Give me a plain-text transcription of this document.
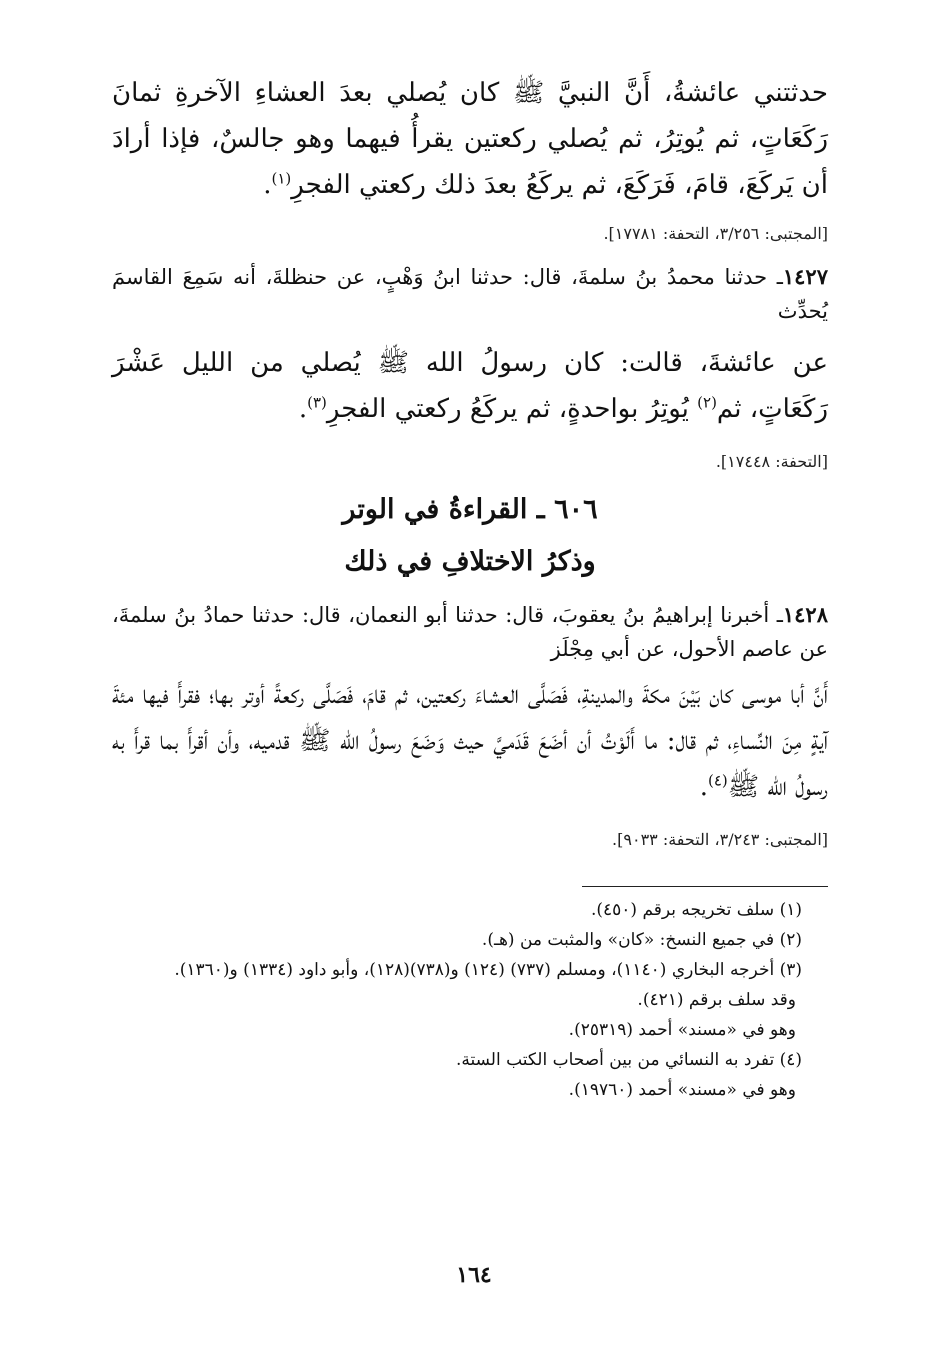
حدثتني عائشةُ، أَنَّ النبيَّ ﷺ كان يُصلي بعدَ العشاءِ الآخرةِ ثمانَ رَكَعَاتٍ، ثم يُوتِرُ، ثم يُصلي ركعتين يقرأُ فيهما وهو جالسٌ، فإذا أرادَ أن يَركَعَ، قامَ، فَرَكَعَ، ثم يركَعُ بعدَ ذلك ركعتي الفجرِ$^{(١)}$.

[المجتبى: ٣/٢٥٦، التحفة: ١٧٧٨١].

١٤٢٧ـ حدثنا محمدُ بنُ سلمةَ، قال: حدثنا ابنُ وَهْبٍ، عن حنظلةَ، أنه سَمِعَ القاسمَ يُحدِّث

عن عائشةَ، قالت: كان رسولُ الله ﷺ يُصلي من الليل عَشْرَ رَكَعَاتٍ، ثم$^{(٢)}$ يُوتِرُ بواحدةٍ، ثم يركَعُ ركعتي الفجرِ$^{(٣)}$.

[التحفة: ١٧٤٤٨].

٦٠٦ ـ القراءةُ في الوتر

وذكرُ الاختلافِ في ذلك

١٤٢٨ـ أخبرنا إبراهيمُ بنُ يعقوبَ، قال: حدثنا أبو النعمان، قال: حدثنا حمادُ بنُ سلمةَ، عن عاصم الأحول، عن أبي مِجْلَز

أَنَّ أبا موسى كان بَيْنَ مكةَ والمدينةِ، فَصَلَّى العشاءَ ركعتين، ثم قامَ، فَصَلَّى ركعةً أوتر بها؛ فقرأَ فيها مئةَ آيةٍ مِنَ النِّساءِ، ثم قال: ما أَلَوْتُ أن أضَعَ قَدَميَّ حيث وَضَعَ رسولُ الله ﷺ قدميه، وأن أقرأَ بما قرأَ به رسولُ الله ﷺ$^{(٤)}$.

[المجتبى: ٣/٢٤٣، التحفة: ٩٠٣٣].

(١) سلف تخريجه برقم (٤٥٠).

(٢) في جميع النسخ: «كان» والمثبت من (هـ).

(٣) أخرجه البخاري (١١٤٠)، ومسلم (٧٣٧) (١٢٤) و(٧٣٨)(١٢٨)، وأبو داود (١٣٣٤) و(١٣٦٠).

وقد سلف برقم (٤٢١).

وهو في «مسند» أحمد (٢٥٣١٩).

(٤) تفرد به النسائي من بين أصحاب الكتب الستة.

وهو في «مسند» أحمد (١٩٧٦٠).

١٦٤
